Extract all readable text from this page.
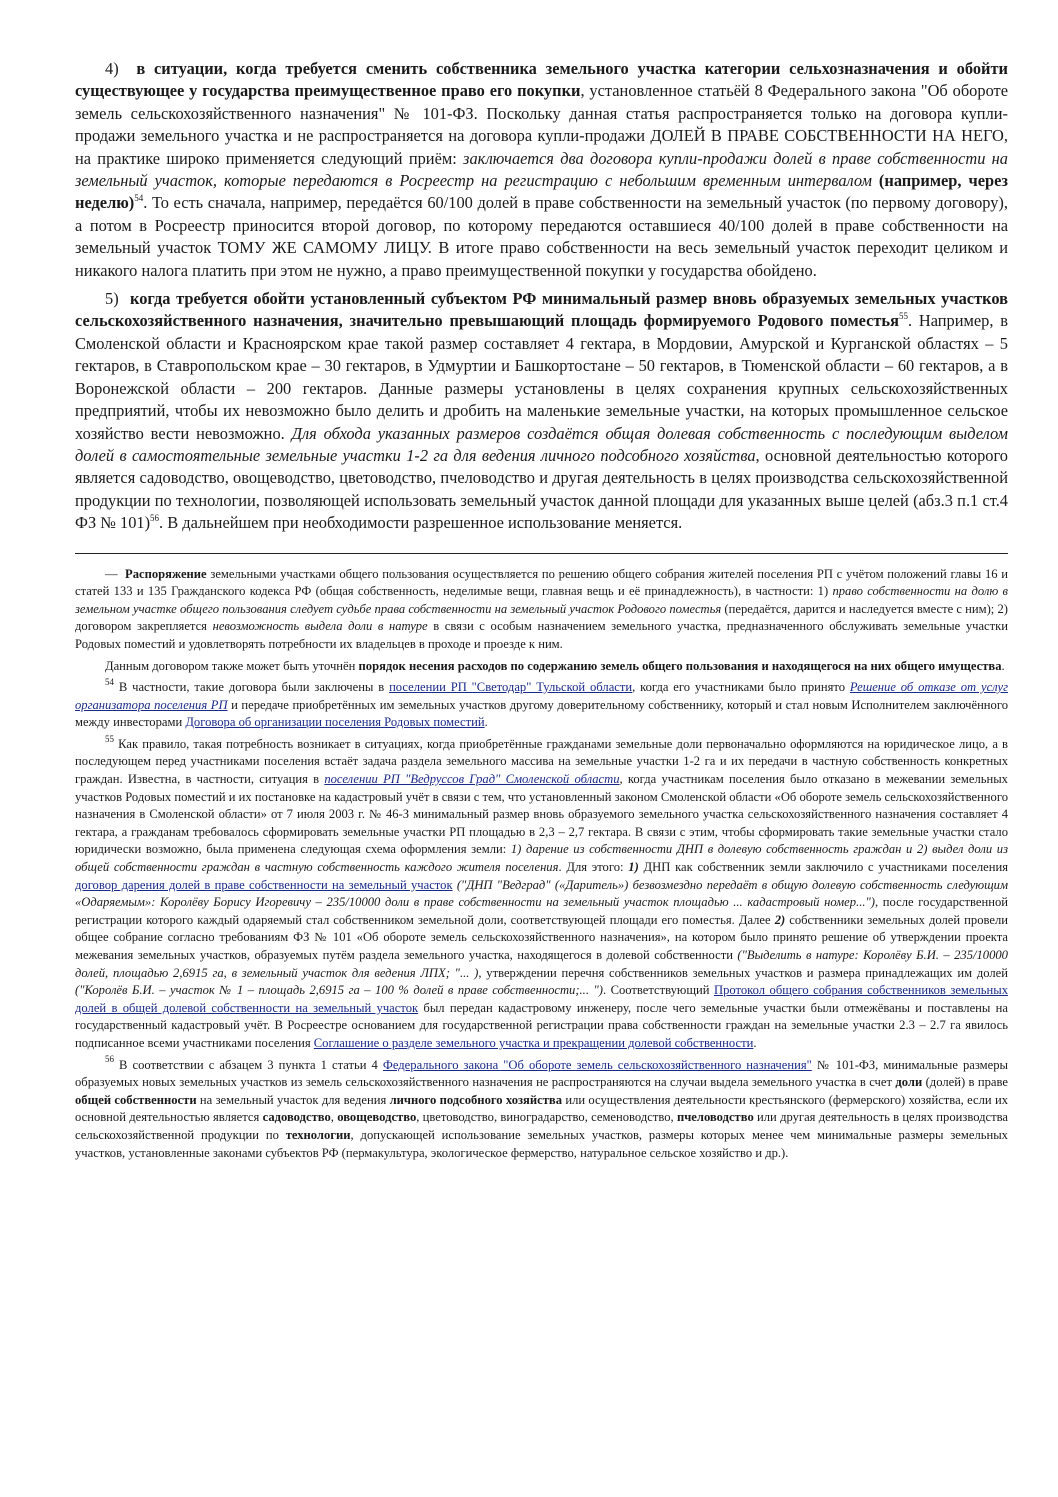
4) в ситуации, когда требуется сменить собственника земельного участка категории сельхозназначения и обойти существующее у государства преимущественное право его покупки, установленное статьёй 8 Федерального закона "Об обороте земель сельскохозяйственного назначения" № 101-ФЗ. Поскольку данная статья распространяется только на договора купли-продажи земельного участка и не распространяется на договора купли-продажи ДОЛЕЙ В ПРАВЕ СОБСТВЕННОСТИ НА НЕГО, на практике широко применяется следующий приём: заключается два договора купли-продажи долей в праве собственности на земельный участок, которые передаются в Росреестр на регистрацию с небольшим временным интервалом (например, через неделю)$^{54}$. То есть сначала, например, передаётся 60/100 долей в праве собственности на земельный участок (по первому договору), а потом в Росреестр приносится второй договор, по которому передаются оставшиеся 40/100 долей в праве собственности на земельный участок ТОМУ ЖЕ САМОМУ ЛИЦУ. В итоге право собственности на весь земельный участок переходит целиком и никакого налога платить при этом не нужно, а право преимущественной покупки у государства обойдено.

5) когда требуется обойти установленный субъектом РФ минимальный размер вновь образуемых земельных участков сельскохозяйственного назначения, значительно превышающий площадь формируемого Родового поместья$^{55}$. Например, в Смоленской области и Красноярском крае такой размер составляет 4 гектара, в Мордовии, Амурской и Курганской областях – 5 гектаров, в Ставропольском крае – 30 гектаров, в Удмуртии и Башкортостане – 50 гектаров, в Тюменской области – 60 гектаров, а в Воронежской области – 200 гектаров. Данные размеры установлены в целях сохранения крупных сельскохозяйственных предприятий, чтобы их невозможно было делить и дробить на маленькие земельные участки, на которых промышленное сельское хозяйство вести невозможно. Для обхода указанных размеров создаётся общая долевая собственность с последующим выделом долей в самостоятельные земельные участки 1-2 га для ведения личного подсобного хозяйства, основной деятельностью которого является садоводство, овощеводство, цветоводство, пчеловодство и другая деятельность в целях производства сельскохозяйственной продукции по технологии, позволяющей использовать земельный участок данной площади для указанных выше целей (абз.3 п.1 ст.4 ФЗ № 101)$^{56}$. В дальнейшем при необходимости разрешенное использование меняется.

— Распоряжение земельными участками общего пользования осуществляется по решению общего собрания жителей поселения РП с учётом положений главы 16 и статей 133 и 135 Гражданского кодекса РФ (общая собственность, неделимые вещи, главная вещь и её принадлежность), в частности: 1) право собственности на долю в земельном участке общего пользования следует судьбе права собственности на земельный участок Родового поместья (передаётся, дарится и наследуется вместе с ним); 2) договором закрепляется невозможность выдела доли в натуре в связи с особым назначением земельного участка, предназначенного обслуживать земельные участки Родовых поместий и удовлетворять потребности их владельцев в проходе и проезде к ним.

Данным договором также может быть уточнён порядок несения расходов по содержанию земель общего пользования и находящегося на них общего имущества.

$^{54}$ В частности, такие договора были заключены в поселении РП "Светодар" Тульской области, когда его участниками было принято Решение об отказе от услуг организатора поселения РП и передаче приобретённых им земельных участков другому доверительному собственнику, который и стал новым Исполнителем заключённого между инвесторами Договора об организации поселения Родовых поместий.

$^{55}$ Как правило, такая потребность возникает в ситуациях, когда приобретённые гражданами земельные доли первоначально оформляются на юридическое лицо, а в последующем перед участниками поселения встаёт задача раздела земельного массива на земельные участки 1-2 га и их передачи в частную собственность конкретных граждан. Известна, в частности, ситуация в поселении РП "Ведруссов Град" Смоленской области, когда участникам поселения было отказано в межевании земельных участков Родовых поместий и их постановке на кадастровый учёт в связи с тем, что установленный законом Смоленской области «Об обороте земель сельскохозяйственного назначения в Смоленской области» от 7 июля 2003 г. № 46-З минимальный размер вновь образуемого земельного участка сельскохозяйственного назначения составляет 4 гектара, а гражданам требовалось сформировать земельные участки РП площадью в 2,3 – 2,7 гектара. В связи с этим, чтобы сформировать такие земельные участки стало юридически возможно, была применена следующая схема оформления земли: 1) дарение из собственности ДНП в долевую собственность граждан и 2) выдел доли из общей собственности граждан в частную собственность каждого жителя поселения. Для этого: 1) ДНП как собственник земли заключило с участниками поселения договор дарения долей в праве собственности на земельный участок ("ДНП "Ведград" («Даритель») безвозмездно передаёт в общую долевую собственность следующим «Одаряемым»: Королёву Борису Игоревичу – 235/10000 доли в праве собственности на земельный участок площадью ... кадастровый номер..."), после государственной регистрации которого каждый одаряемый стал собственником земельной доли, соответствующей площади его поместья. Далее 2) собственники земельных долей провели общее собрание согласно требованиям ФЗ № 101 «Об обороте земель сельскохозяйственного назначения», на котором было принято решение об утверждении проекта межевания земельных участков, образуемых путём раздела земельного участка, находящегося в долевой собственности ("Выделить в натуре: Королёву Б.И. – 235/10000 долей, площадью 2,6915 га, в земельный участок для ведения ЛПХ; "... ), утверждении перечня собственников земельных участков и размера принадлежащих им долей ("Королёв Б.И. – участок № 1 – площадь 2,6915 га – 100 % долей в праве собственности;... "). Соответствующий Протокол общего собрания собственников земельных долей в общей долевой собственности на земельный участок был передан кадастровому инженеру, после чего земельные участки были отмежёваны и поставлены на государственный кадастровый учёт. В Росреестре основанием для государственной регистрации права собственности граждан на земельные участки 2.3 – 2.7 га явилось подписанное всеми участниками поселения Соглашение о разделе земельного участка и прекращении долевой собственности.

$^{56}$ В соответствии с абзацем 3 пункта 1 статьи 4 Федерального закона "Об обороте земель сельскохозяйственного назначения" № 101-ФЗ, минимальные размеры образуемых новых земельных участков из земель сельскохозяйственного назначения не распространяются на случаи выдела земельного участка в счет доли (долей) в праве общей собственности на земельный участок для ведения личного подсобного хозяйства или осуществления деятельности крестьянского (фермерского) хозяйства, если их основной деятельностью является садоводство, овощеводство, цветоводство, виноградарство, семеноводство, пчеловодство или другая деятельность в целях производства сельскохозяйственной продукции по технологии, допускающей использование земельных участков, размеры которых менее чем минимальные размеры земельных участков, установленные законами субъектов РФ (пермакультура, экологическое фермерство, натуральное сельское хозяйство и др.).
